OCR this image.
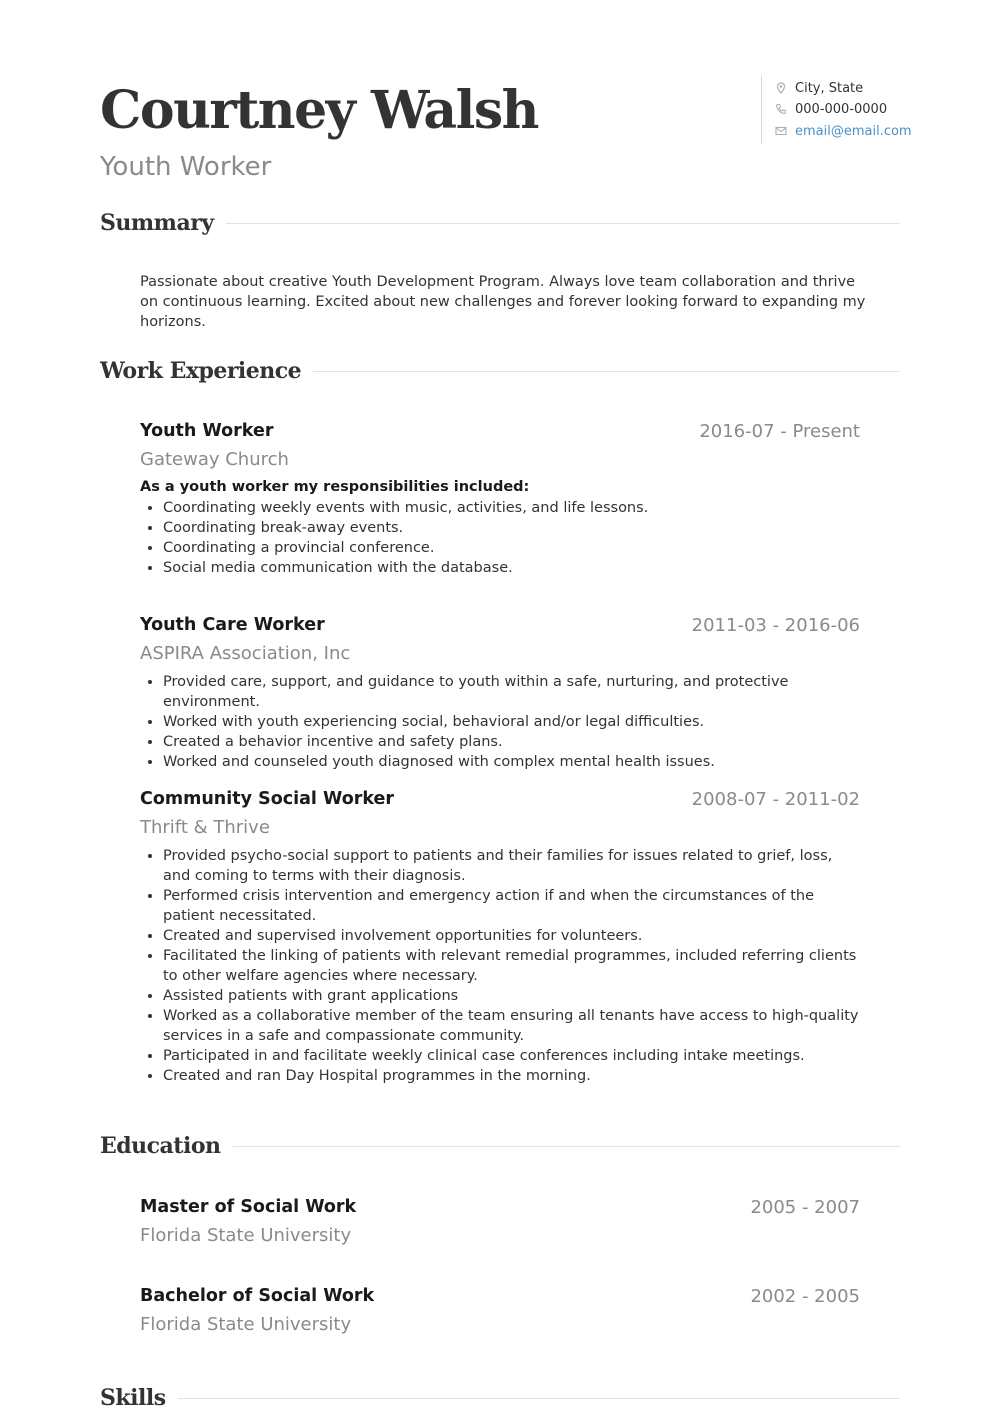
Courtney Walsh
Youth Worker
City, State
000-000-0000
email@email.com
Summary
Passionate about creative Youth Development Program. Always love team collaboration and thrive on continuous learning. Excited about new challenges and forever looking forward to expanding my horizons.
Work Experience
Youth Worker	2016-07 - Present
Gateway Church
As a youth worker my responsibilities included:
• Coordinating weekly events with music, activities, and life lessons.
• Coordinating break-away events.
• Coordinating a provincial conference.
• Social media communication with the database.
Youth Care Worker	2011-03 - 2016-06
ASPIRA Association, Inc
• Provided care, support, and guidance to youth within a safe, nurturing, and protective environment.
• Worked with youth experiencing social, behavioral and/or legal difficulties.
• Created a behavior incentive and safety plans.
• Worked and counseled youth diagnosed with complex mental health issues.
Community Social Worker	2008-07 - 2011-02
Thrift & Thrive
• Provided psycho-social support to patients and their families for issues related to grief, loss, and coming to terms with their diagnosis.
• Performed crisis intervention and emergency action if and when the circumstances of the patient necessitated.
• Created and supervised involvement opportunities for volunteers.
• Facilitated the linking of patients with relevant remedial programmes, included referring clients to other welfare agencies where necessary.
• Assisted patients with grant applications
• Worked as a collaborative member of the team ensuring all tenants have access to high-quality services in a safe and compassionate community.
• Participated in and facilitate weekly clinical case conferences including intake meetings.
• Created and ran Day Hospital programmes in the morning.
Education
Master of Social Work	2005 - 2007
Florida State University
Bachelor of Social Work	2002 - 2005
Florida State University
Skills
